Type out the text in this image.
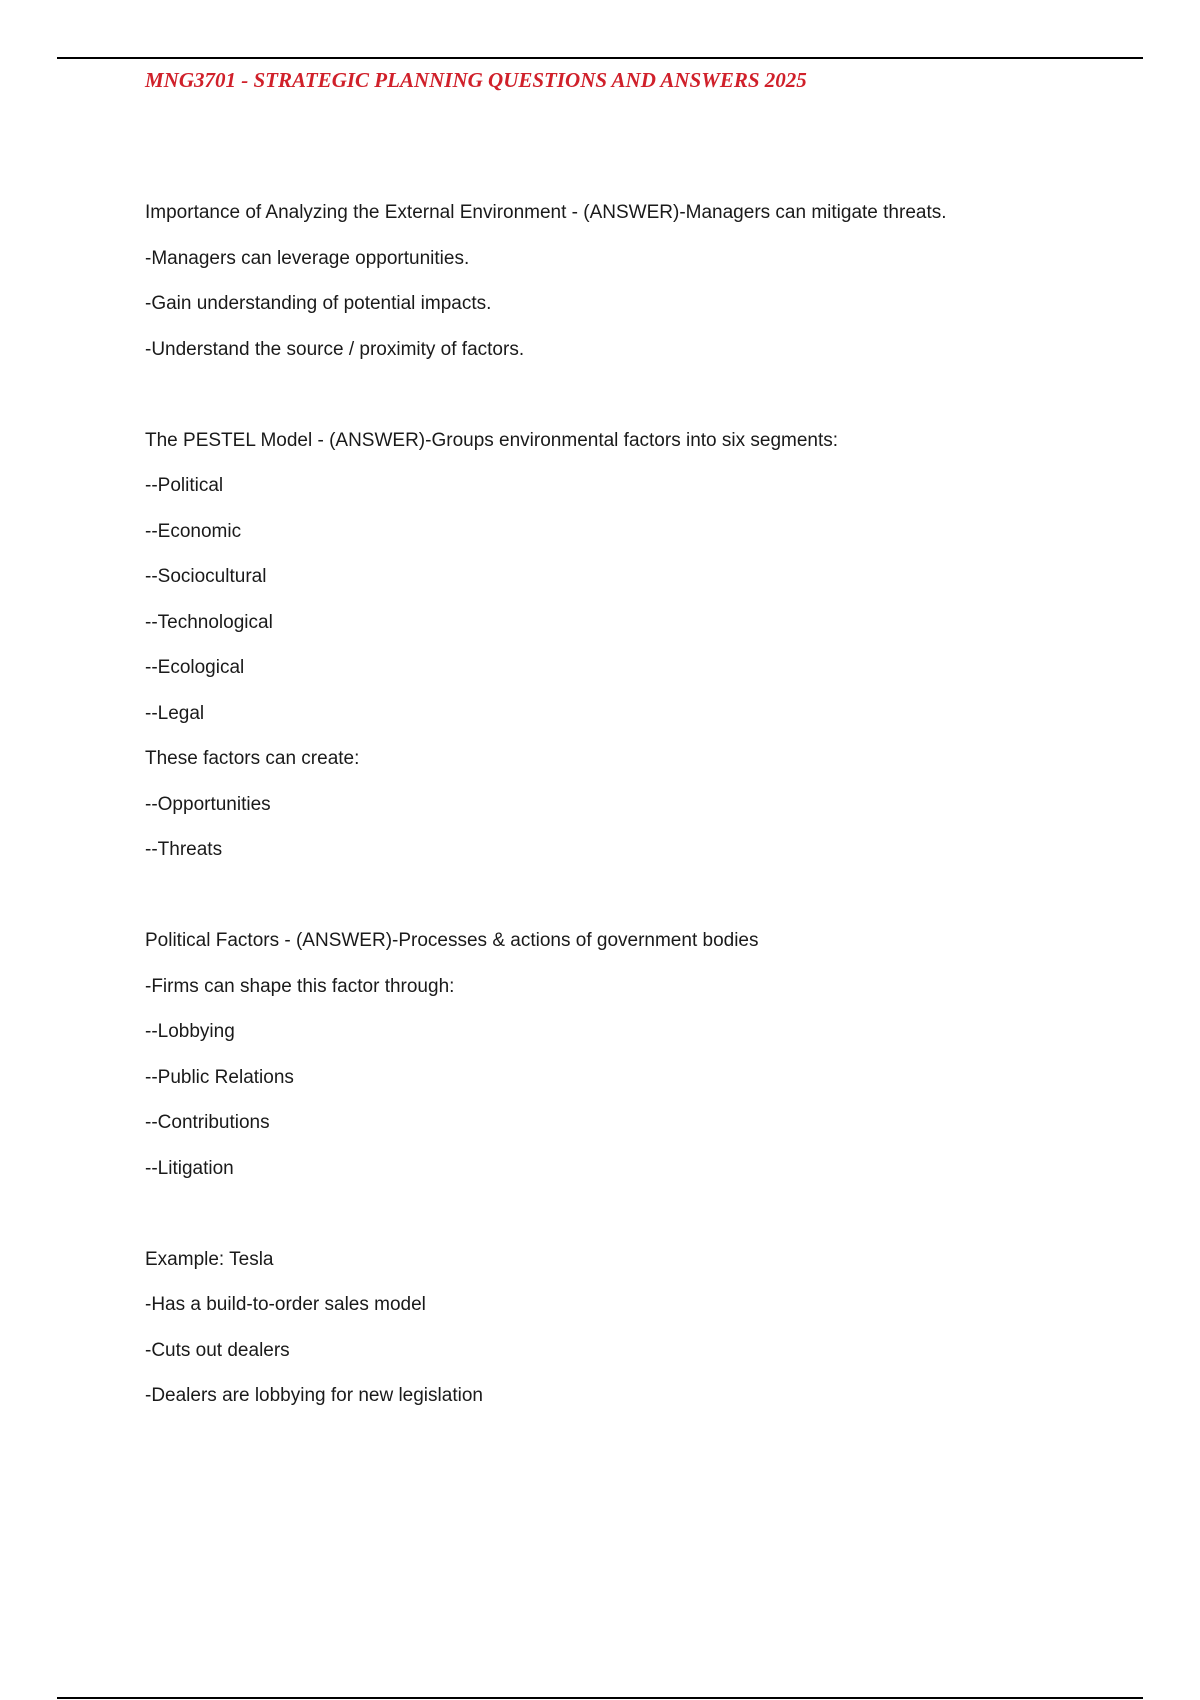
MNG3701 - STRATEGIC PLANNING QUESTIONS AND ANSWERS 2025
Importance of Analyzing the External Environment - (ANSWER)-Managers can mitigate threats.
-Managers can leverage opportunities.
-Gain understanding of potential impacts.
-Understand the source / proximity of factors.
The PESTEL Model - (ANSWER)-Groups environmental factors into six segments:
--Political
--Economic
--Sociocultural
--Technological
--Ecological
--Legal
These factors can create:
--Opportunities
--Threats
Political Factors - (ANSWER)-Processes & actions of government bodies
-Firms can shape this factor through:
--Lobbying
--Public Relations
--Contributions
--Litigation
Example: Tesla
-Has a build-to-order sales model
-Cuts out dealers
-Dealers are lobbying for new legislation
